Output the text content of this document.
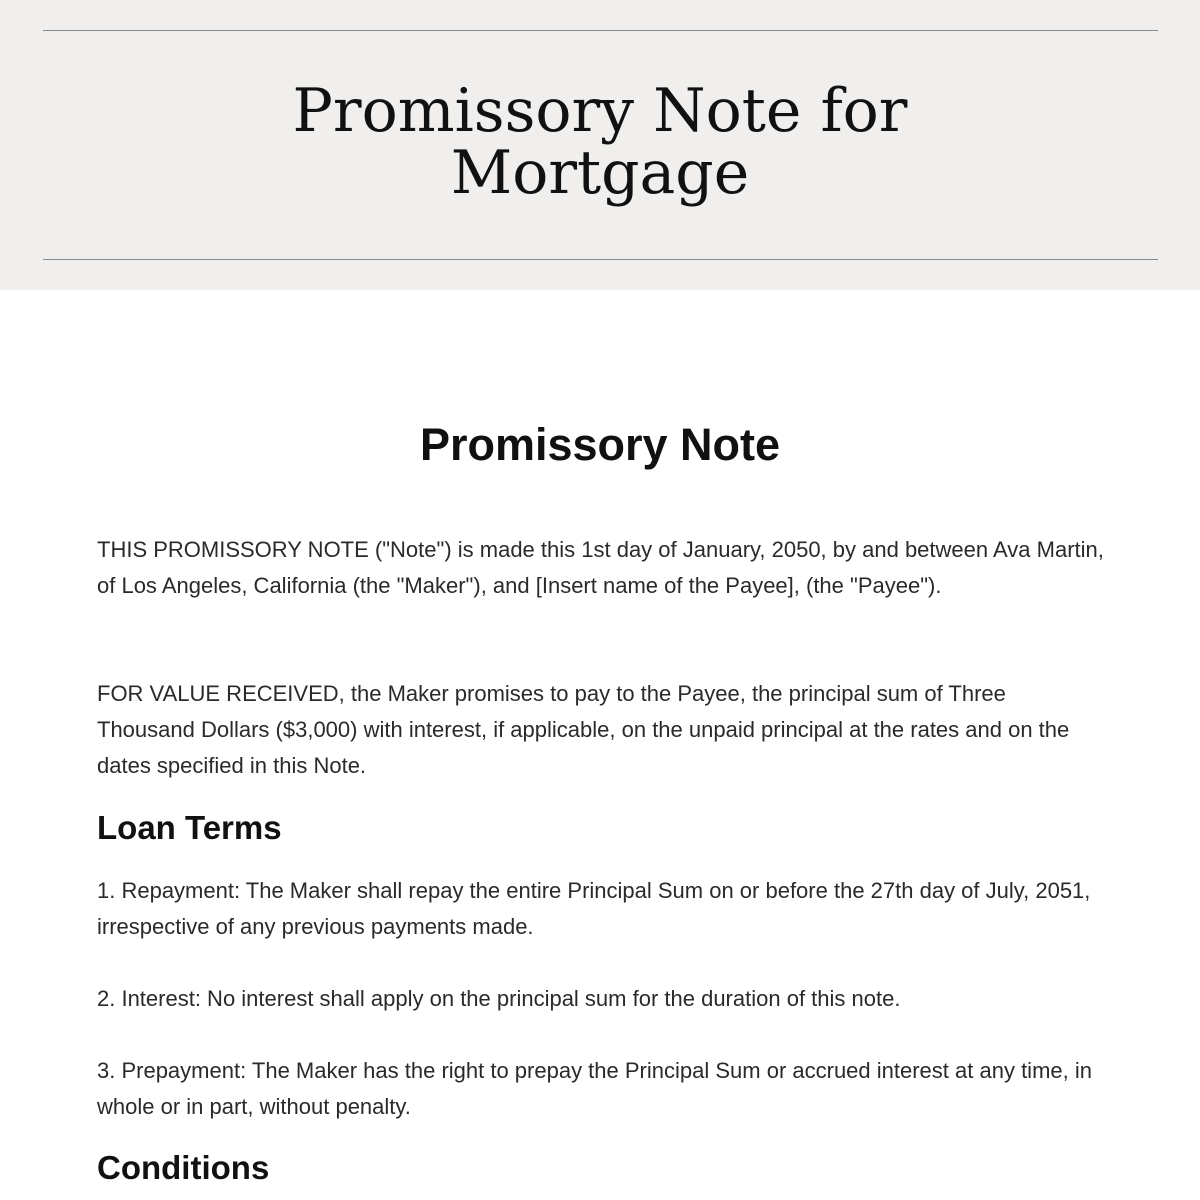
Promissory Note for Mortgage
Promissory Note

THIS PROMISSORY NOTE ("Note") is made this 1st day of January, 2050, by and between Ava Martin, of Los Angeles, California (the "Maker"), and [Insert name of the Payee], (the "Payee").

FOR VALUE RECEIVED, the Maker promises to pay to the Payee, the principal sum of Three Thousand Dollars ($3,000) with interest, if applicable, on the unpaid principal at the rates and on the dates specified in this Note.

Loan Terms

1. Repayment: The Maker shall repay the entire Principal Sum on or before the 27th day of July, 2051, irrespective of any previous payments made.

2. Interest: No interest shall apply on the principal sum for the duration of this note.

3. Prepayment: The Maker has the right to prepay the Principal Sum or accrued interest at any time, in whole or in part, without penalty.

Conditions
